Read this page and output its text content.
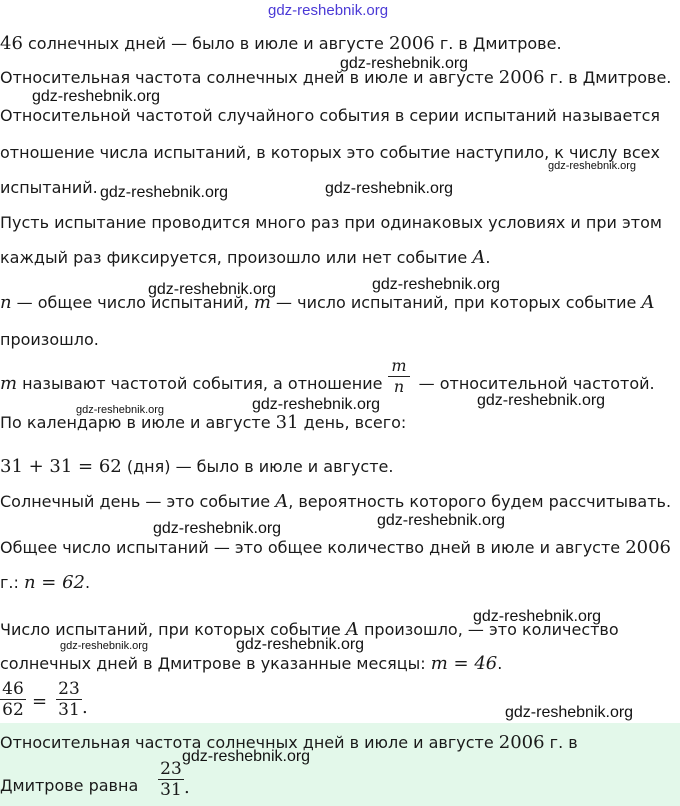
gdz-reshebnik.org
46 солнечных дней — было в июле и августе 2006 г. в Дмитрове.
Относительная частота солнечных дней в июле и августе 2006 г. в Дмитрове.
Относительной частотой случайного события в серии испытаний называется
отношение числа испытаний, в которых это событие наступило, к числу всех
испытаний.
Пусть испытание проводится много раз при одинаковых условиях и при этом
каждый раз фиксируется, произошло или нет событие A.
n — общее число испытаний, m — число испытаний, при которых событие A
произошло.
m называют частотой события, а отношение  — относительной частотой.
m
n
По календарю в июле и августе 31 день, всего:
31 + 31 = 62 (дня) — было в июле и августе.
Солнечный день — это событие A, вероятность которого будем рассчитывать.
Общее число испытаний — это общее количество дней в июле и августе 2006
г.: n = 62.
Число испытаний, при которых событие A произошло, — это количество
солнечных дней в Дмитрове в указанные месяцы: m = 46.
46
62 =
23
31 .
Относительная частота солнечных дней в июле и августе 2006 г. в
Дмитрове равна
23
31 .
gdz-reshebnik.org
gdz-reshebnik.org
gdz-reshebnik.org
gdz-reshebnik.org	gdz-reshebnik.org
gdz-reshebnik.org	gdz-reshebnik.org
gdz-reshebnik.org	gdz-reshebnik.org	gdz-reshebnik.org
gdz-reshebnik.org	gdz-reshebnik.org
gdz-reshebnik.org
gdz-reshebnik.org	gdz-reshebnik.org
gdz-reshebnik.org
gdz-reshebnik.org
